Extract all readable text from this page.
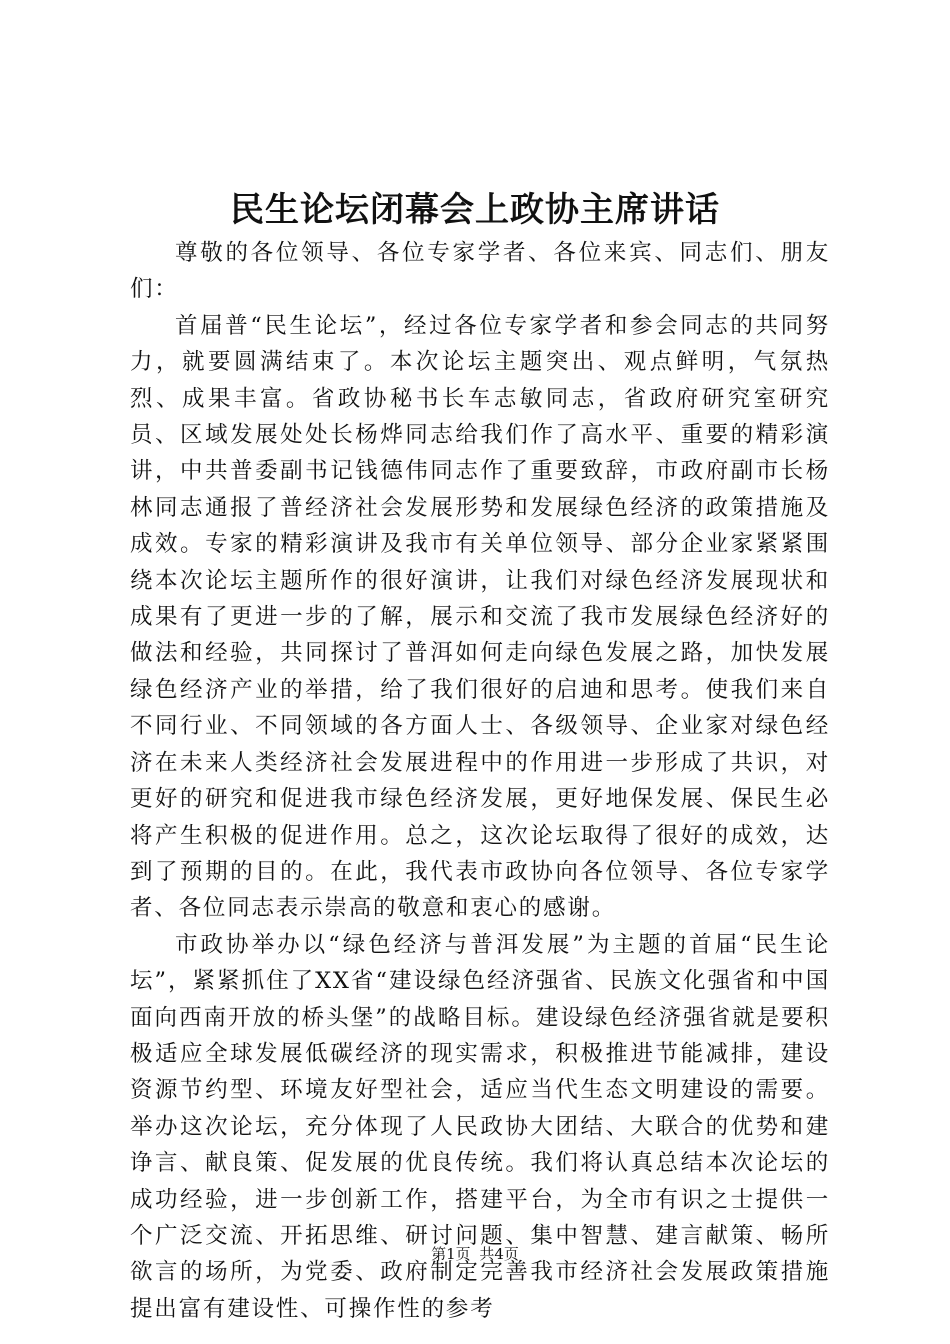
民生论坛闭幕会上政协主席讲话

尊敬的各位领导、各位专家学者、各位来宾、同志们、朋友们：

首届普“民生论坛”，经过各位专家学者和参会同志的共同努力，就要圆满结束了。本次论坛主题突出、观点鲜明，气氛热烈、成果丰富。省政协秘书长车志敏同志，省政府研究室研究员、区域发展处处长杨烨同志给我们作了高水平、重要的精彩演讲，中共普委副书记钱德伟同志作了重要致辞，市政府副市长杨林同志通报了普经济社会发展形势和发展绿色经济的政策措施及成效。专家的精彩演讲及我市有关单位领导、部分企业家紧紧围绕本次论坛主题所作的很好演讲，让我们对绿色经济发展现状和成果有了更进一步的了解，展示和交流了我市发展绿色经济好的做法和经验，共同探讨了普洱如何走向绿色发展之路，加快发展绿色经济产业的举措，给了我们很好的启迪和思考。使我们来自不同行业、不同领域的各方面人士、各级领导、企业家对绿色经济在未来人类经济社会发展进程中的作用进一步形成了共识，对更好的研究和促进我市绿色经济发展，更好地保发展、保民生必将产生积极的促进作用。总之，这次论坛取得了很好的成效，达到了预期的目的。在此，我代表市政协向各位领导、各位专家学者、各位同志表示崇高的敬意和衷心的感谢。

市政协举办以“绿色经济与普洱发展”为主题的首届“民生论坛”，紧紧抓住了XX省“建设绿色经济强省、民族文化强省和中国面向西南开放的桥头堡”的战略目标。建设绿色经济强省就是要积极适应全球发展低碳经济的现实需求，积极推进节能减排，建设资源节约型、环境友好型社会，适应当代生态文明建设的需要。举办这次论坛，充分体现了人民政协大团结、大联合的优势和建诤言、献良策、促发展的优良传统。我们将认真总结本次论坛的成功经验，进一步创新工作，搭建平台，为全市有识之士提供一个广泛交流、开拓思维、研讨问题、集中智慧、建言献策、畅所欲言的场所，为党委、政府制定完善我市经济社会发展政策措施提出富有建设性、可操作性的参考

第1页 共4页
